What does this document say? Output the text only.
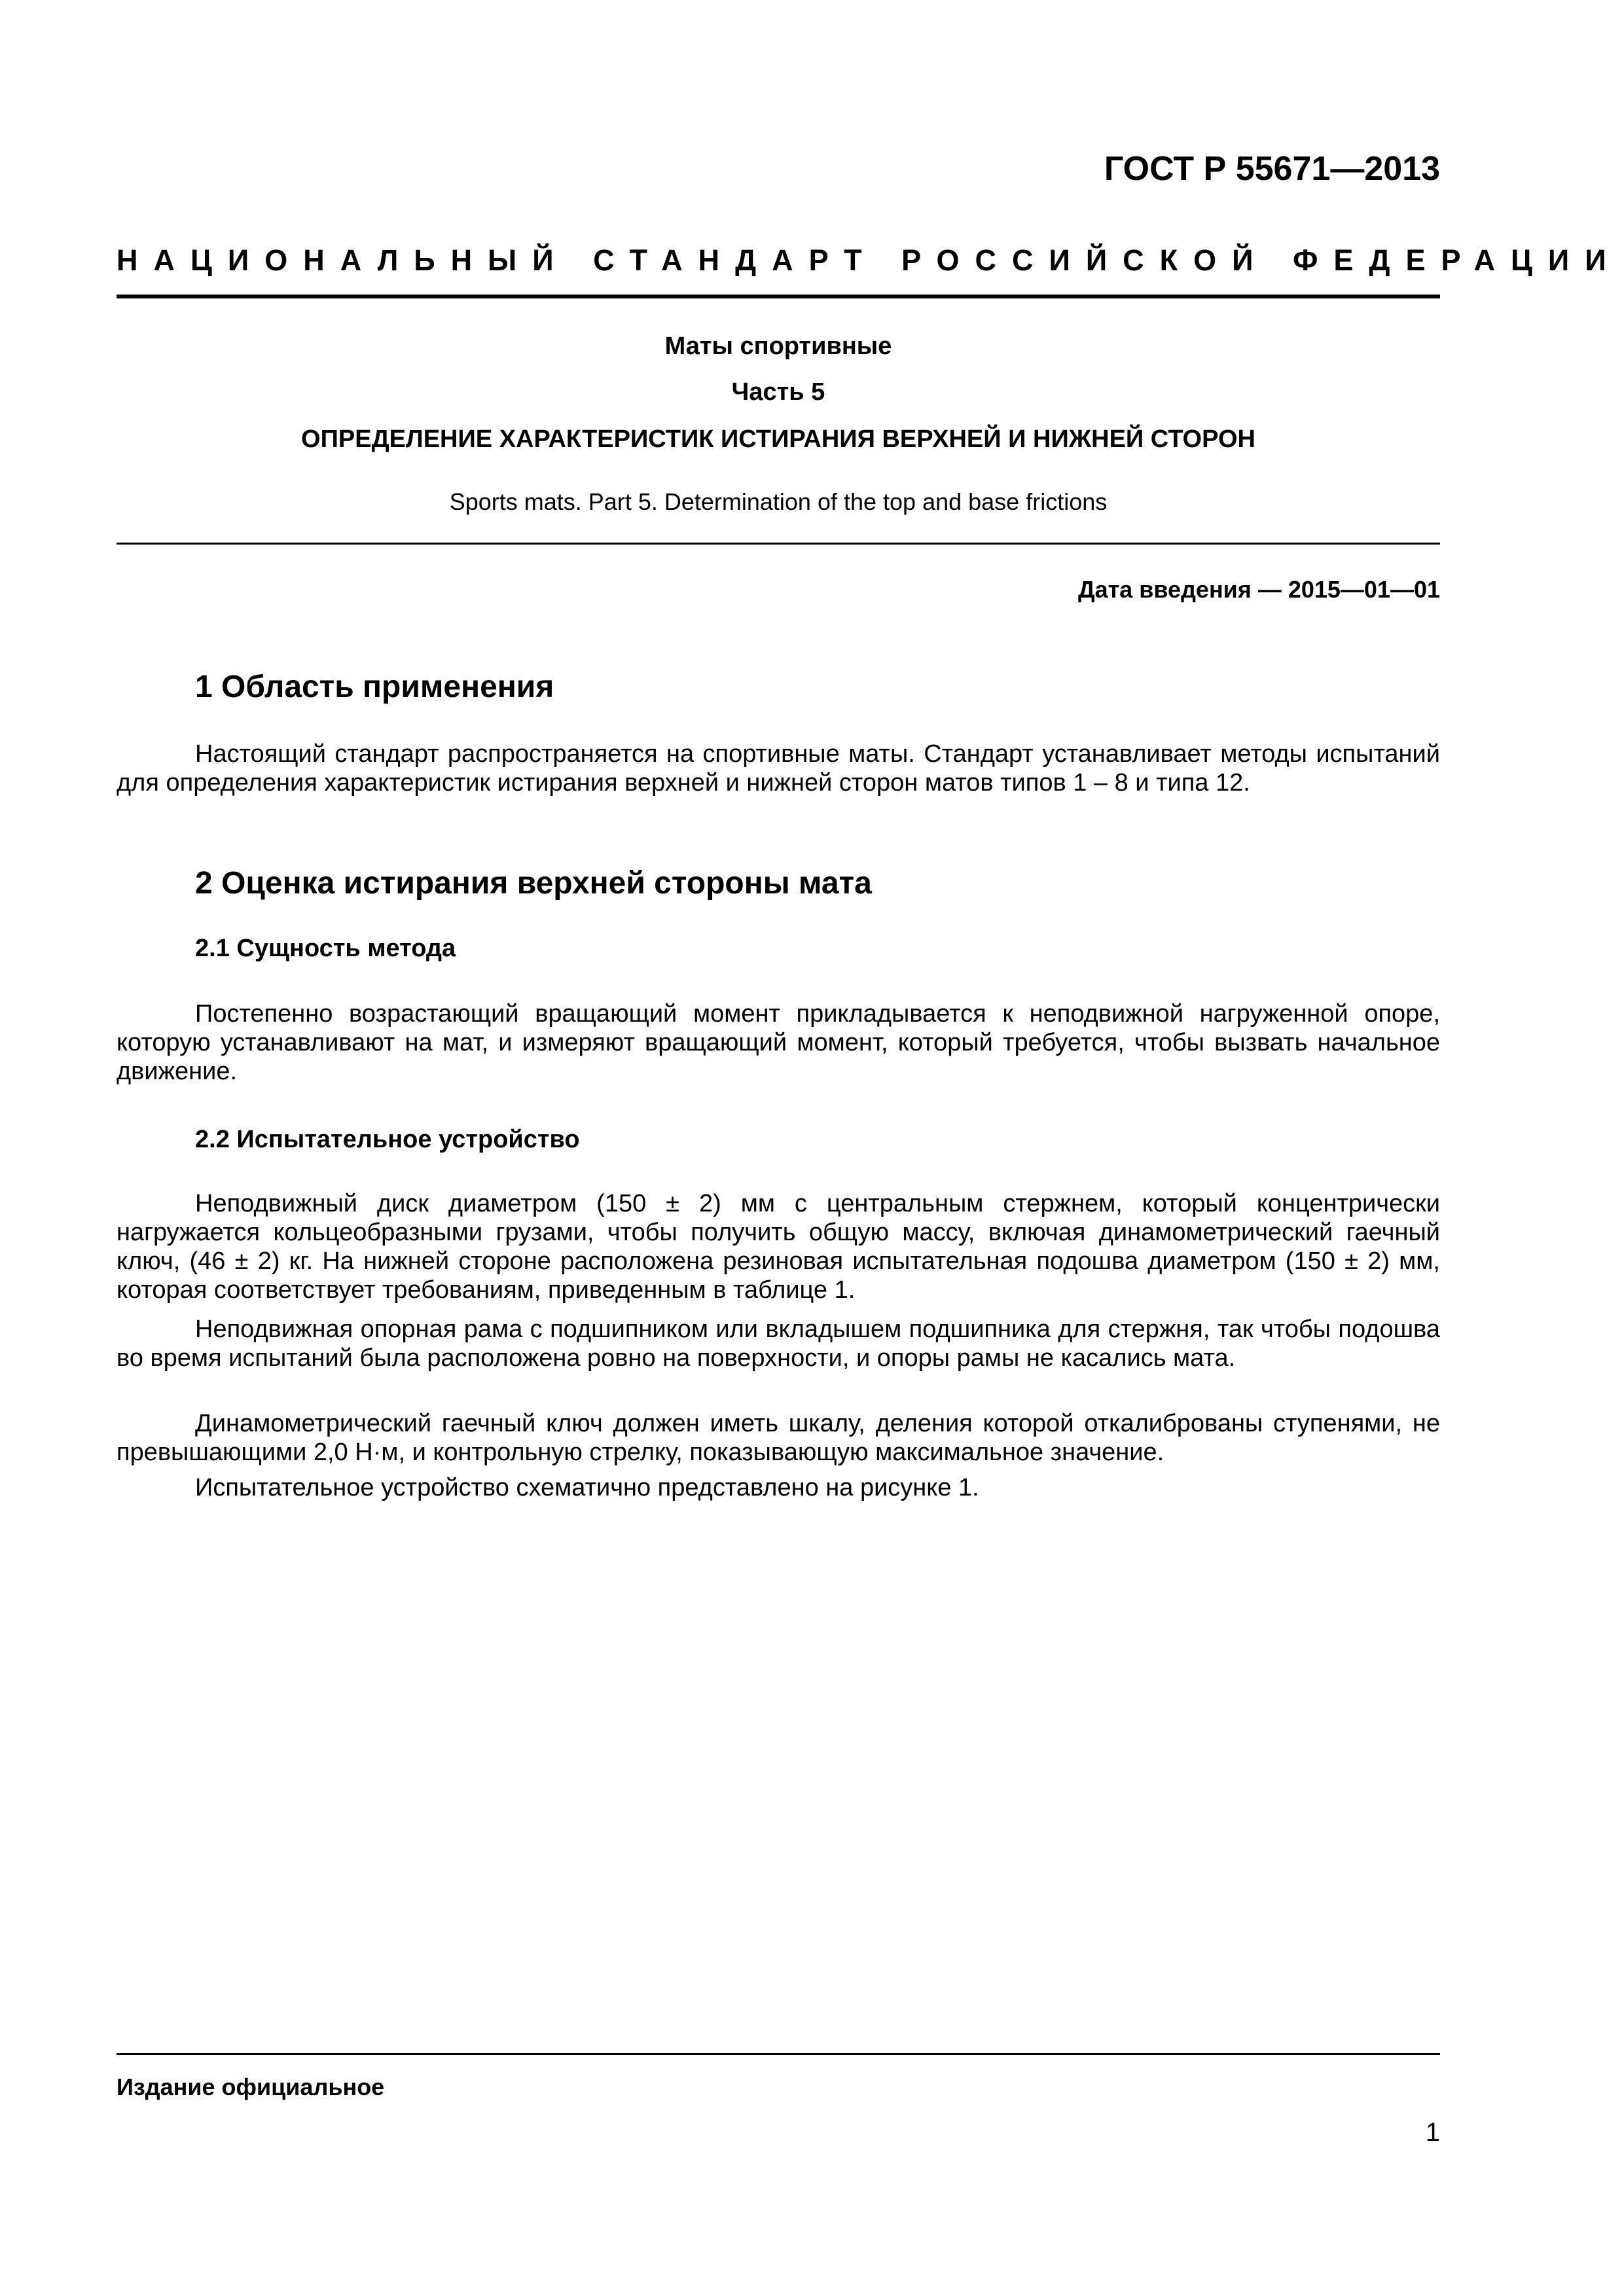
ГОСТ Р 55671—2013
НАЦИОНАЛЬНЫЙ СТАНДАРТ РОССИЙСКОЙ ФЕДЕРАЦИИ
Маты спортивные
Часть 5
ОПРЕДЕЛЕНИЕ ХАРАКТЕРИСТИК ИСТИРАНИЯ ВЕРХНЕЙ И НИЖНЕЙ СТОРОН
Sports mats. Part 5. Determination of the top and base frictions
Дата введения — 2015—01—01
1 Область применения

Настоящий стандарт распространяется на спортивные маты. Стандарт устанавливает методы испытаний для определения характеристик истирания верхней и нижней сторон матов типов 1 – 8 и типа 12.

2 Оценка истирания верхней стороны мата
2.1 Сущность метода

Постепенно возрастающий вращающий момент прикладывается к неподвижной нагруженной опоре, которую устанавливают на мат, и измеряют вращающий момент, который требуется, чтобы вызвать начальное движение.

2.2 Испытательное устройство

Неподвижный диск диаметром (150 ± 2) мм с центральным стержнем, который концентрически нагружается кольцеобразными грузами, чтобы получить общую массу, включая динамометрический гаечный ключ, (46 ± 2) кг. На нижней стороне расположена резиновая испытательная подошва диаметром (150 ± 2) мм, которая соответствует требованиям, приведенным в таблице 1.

Неподвижная опорная рама с подшипником или вкладышем подшипника для стержня, так чтобы подошва во время испытаний была расположена ровно на поверхности, и опоры рамы не касались мата.

Динамометрический гаечный ключ должен иметь шкалу, деления которой откалиброваны ступенями, не превышающими 2,0 Н·м, и контрольную стрелку, показывающую максимальное значение.

Испытательное устройство схематично представлено на рисунке 1.

Издание официальное
1
